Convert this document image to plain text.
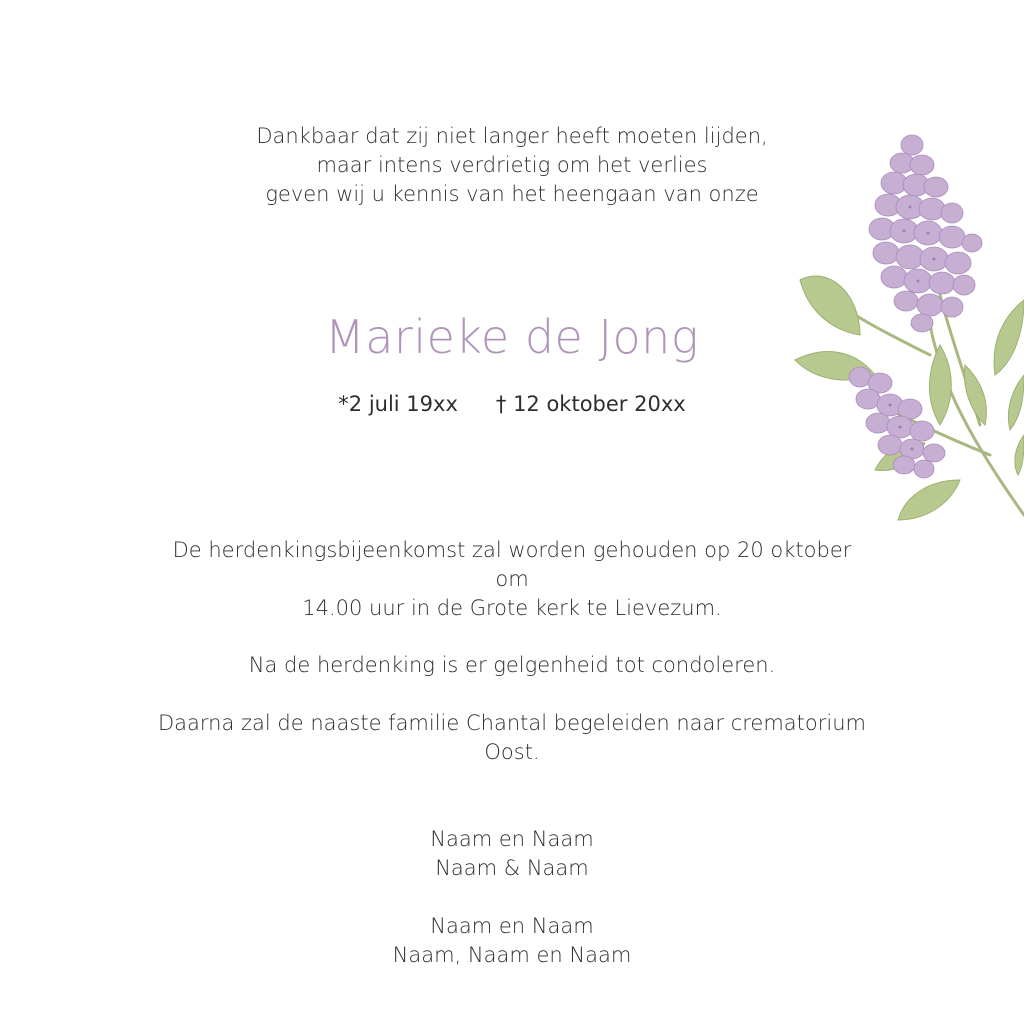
Dankbaar dat zij niet langer heeft moeten lijden,
maar intens verdrietig om het verlies
geven wij u kennis van het heengaan van onze
Marieke de Jong
*2 juli 19xx † 12 oktober 20xx
De herdenkingsbijeenkomst zal worden gehouden op 20 oktober
om
14.00 uur in de Grote kerk te Lievezum.
Na de herdenking is er gelgenheid tot condoleren.
Daarna zal de naaste familie Chantal begeleiden naar crematorium
Oost.
Naam en Naam
Naam & Naam
Naam en Naam
Naam, Naam en Naam
